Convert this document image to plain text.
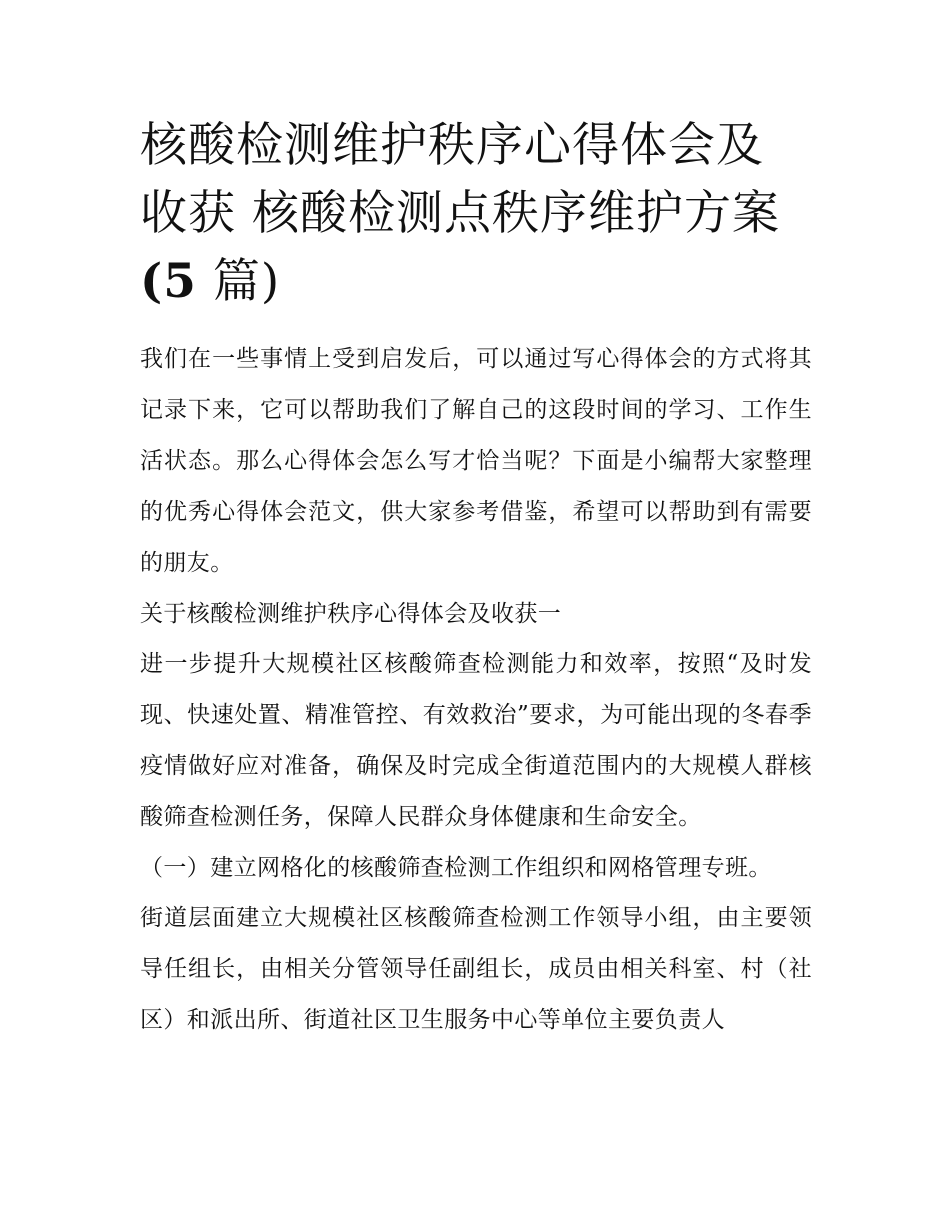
核酸检测维护秩序心得体会及
收获 核酸检测点秩序维护方案
(5 篇)

我们在一些事情上受到启发后，可以通过写心得体会的方式将其记录下来，它可以帮助我们了解自己的这段时间的学习、工作生活状态。那么心得体会怎么写才恰当呢？下面是小编帮大家整理的优秀心得体会范文，供大家参考借鉴，希望可以帮助到有需要的朋友。

关于核酸检测维护秩序心得体会及收获一

进一步提升大规模社区核酸筛查检测能力和效率，按照“及时发现、快速处置、精准管控、有效救治”要求，为可能出现的冬春季疫情做好应对准备，确保及时完成全街道范围内的大规模人群核酸筛查检测任务，保障人民群众身体健康和生命安全。

（一）建立网格化的核酸筛查检测工作组织和网格管理专班。

街道层面建立大规模社区核酸筛查检测工作领导小组，由主要领导任组长，由相关分管领导任副组长，成员由相关科室、村（社区）和派出所、街道社区卫生服务中心等单位主要负责人
